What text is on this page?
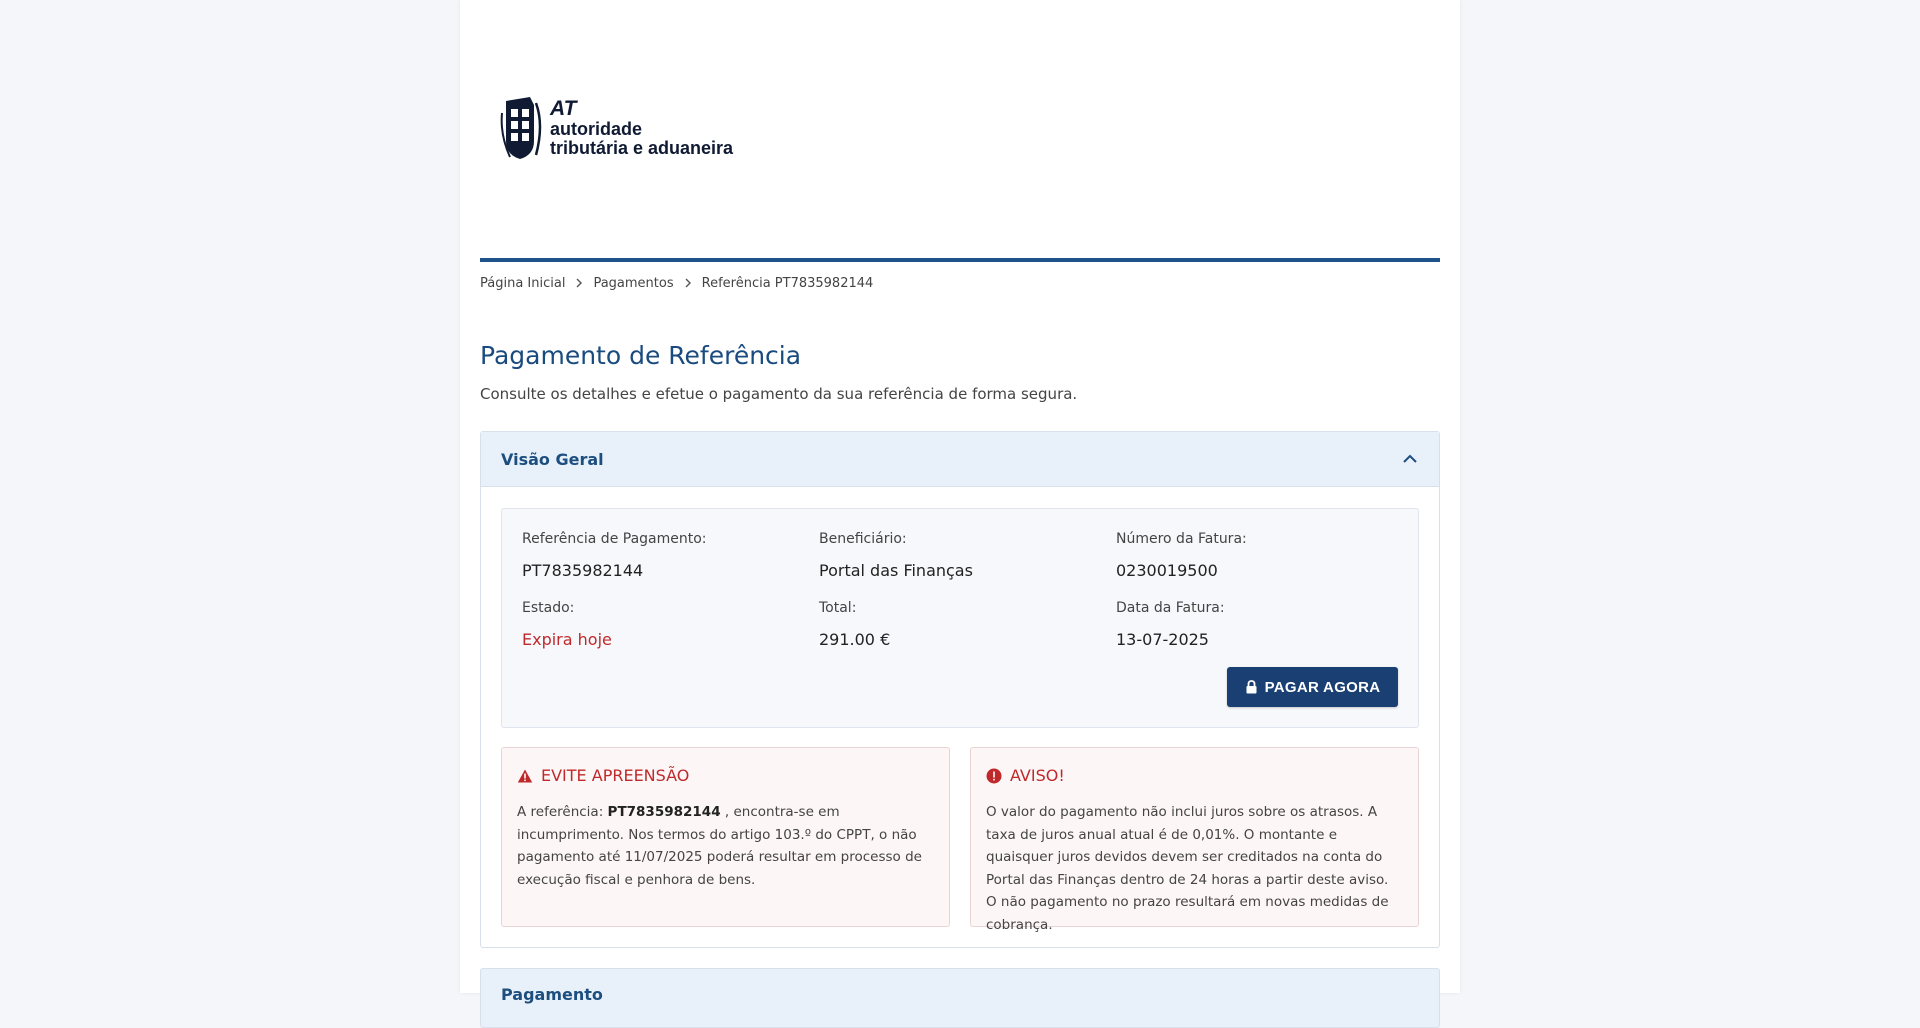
AT
autoridade
tributária e aduaneira
Página Inicial Pagamentos Referência PT7835982144
Pagamento de Referência

Consulte os detalhes e efetue o pagamento da sua referência de forma segura.

Visão Geral
Referência de Pagamento:
PT7835982144
Beneficiário:
Portal das Finanças
Número da Fatura:
0230019500
Estado:
Expira hoje
Total:
291.00 €
Data da Fatura:
13-07-2025
PAGAR AGORA
EVITE APREENSÃO

A referência: PT7835982144 , encontra-se em incumprimento. Nos termos do artigo 103.º do CPPT, o não pagamento até 11/07/2025 poderá resultar em processo de execução fiscal e penhora de bens.

AVISO!

O valor do pagamento não inclui juros sobre os atrasos. A taxa de juros anual atual é de 0,01%. O montante e quaisquer juros devidos devem ser creditados na conta do Portal das Finanças dentro de 24 horas a partir deste aviso. O não pagamento no prazo resultará em novas medidas de cobrança.

Pagamento
